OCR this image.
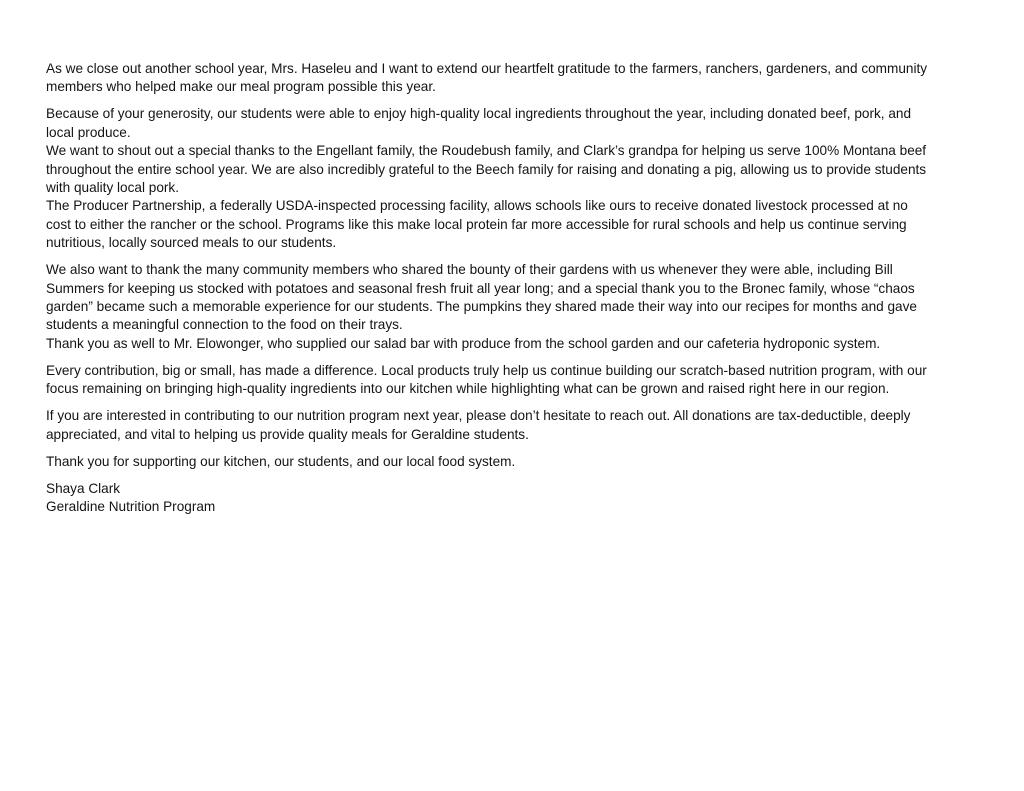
As we close out another school year, Mrs. Haseleu and I want to extend our heartfelt gratitude to the farmers, ranchers, gardeners, and community
members who helped make our meal program possible this year.

Because of your generosity, our students were able to enjoy high-quality local ingredients throughout the year, including donated beef, pork, and
local produce.
We want to shout out a special thanks to the Engellant family, the Roudebush family, and Clark’s grandpa for helping us serve 100% Montana beef
throughout the entire school year. We are also incredibly grateful to the Beech family for raising and donating a pig, allowing us to provide students
with quality local pork.
The Producer Partnership, a federally USDA-inspected processing facility, allows schools like ours to receive donated livestock processed at no
cost to either the rancher or the school. Programs like this make local protein far more accessible for rural schools and help us continue serving
nutritious, locally sourced meals to our students.

We also want to thank the many community members who shared the bounty of their gardens with us whenever they were able, including Bill
Summers for keeping us stocked with potatoes and seasonal fresh fruit all year long; and a special thank you to the Bronec family, whose “chaos
garden” became such a memorable experience for our students. The pumpkins they shared made their way into our recipes for months and gave
students a meaningful connection to the food on their trays.
Thank you as well to Mr. Elowonger, who supplied our salad bar with produce from the school garden and our cafeteria hydroponic system.

Every contribution, big or small, has made a difference. Local products truly help us continue building our scratch-based nutrition program, with our
focus remaining on bringing high-quality ingredients into our kitchen while highlighting what can be grown and raised right here in our region.

If you are interested in contributing to our nutrition program next year, please don’t hesitate to reach out. All donations are tax-deductible, deeply
appreciated, and vital to helping us provide quality meals for Geraldine students.

Thank you for supporting our kitchen, our students, and our local food system.

Shaya Clark
Geraldine Nutrition Program
